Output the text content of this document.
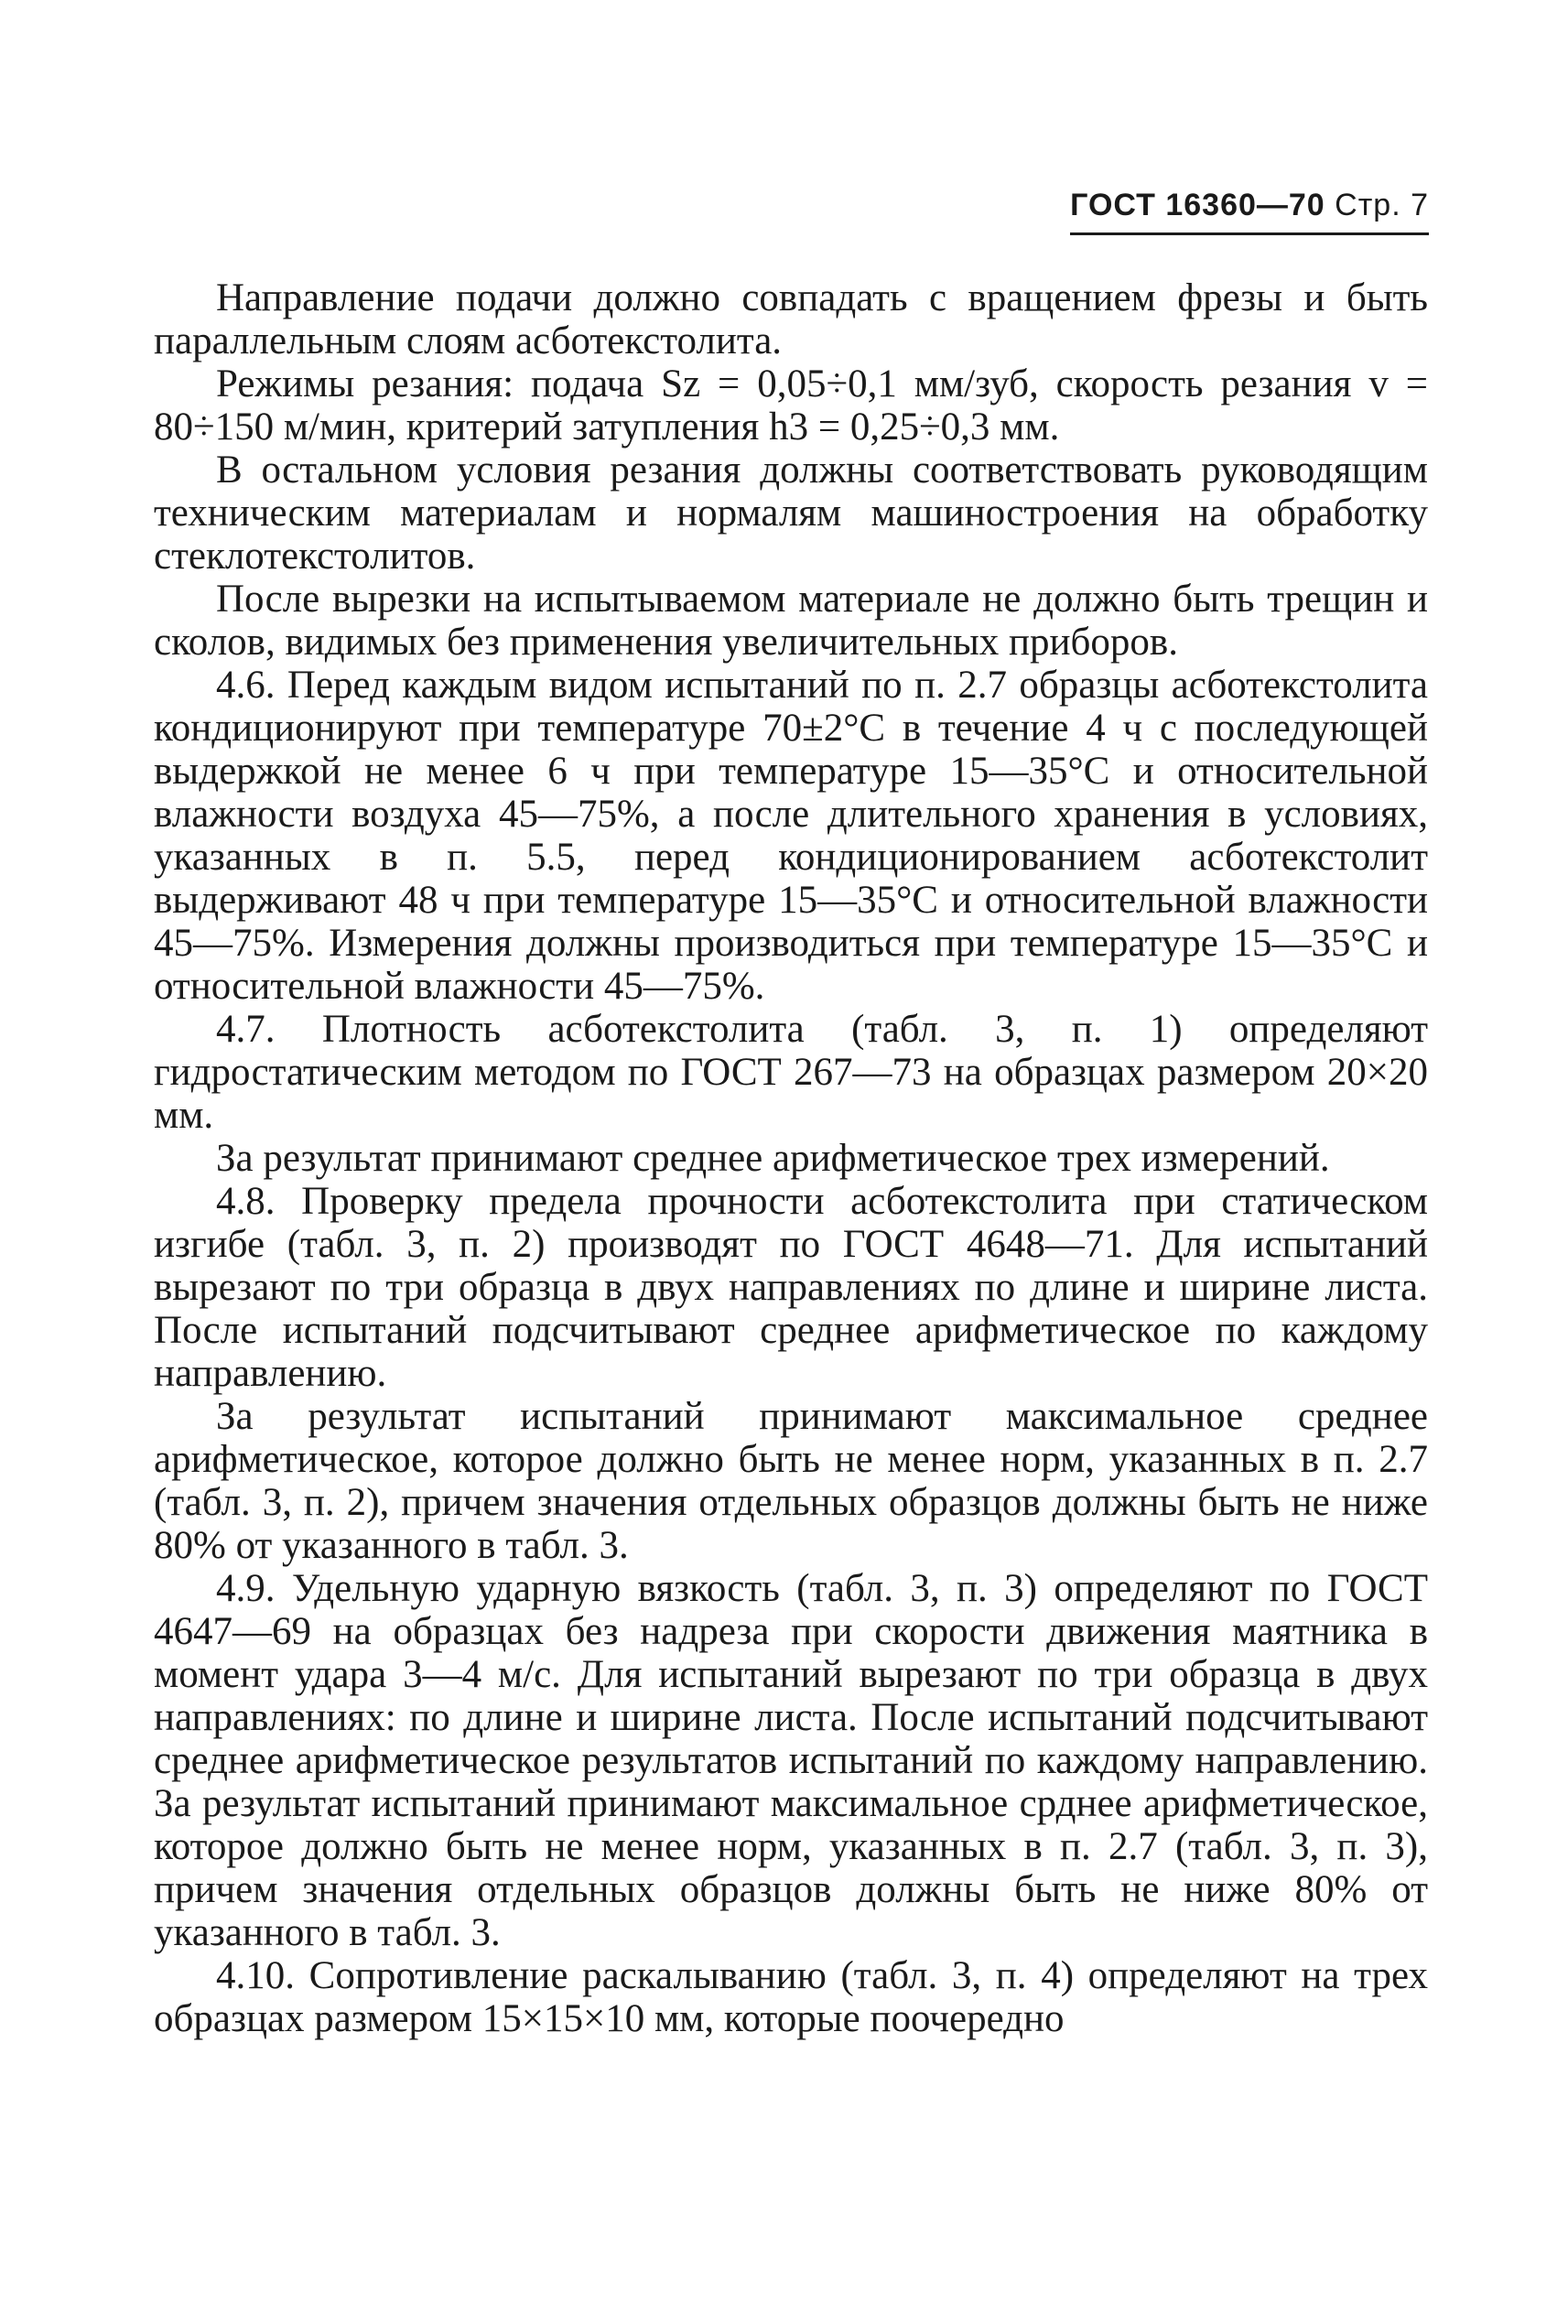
ГОСТ 16360—70 Стр. 7

Направление подачи должно совпадать с вращением фрезы и быть параллельным слоям асботекстолита.

Режимы резания: подача Sz = 0,05÷0,1 мм/зуб, скорость резания v = 80÷150 м/мин, критерий затупления h3 = 0,25÷0,3 мм.

В остальном условия резания должны соответствовать руководящим техническим материалам и нормалям машиностроения на обработку стеклотекстолитов.

После вырезки на испытываемом материале не должно быть трещин и сколов, видимых без применения увеличительных приборов.

4.6. Перед каждым видом испытаний по п. 2.7 образцы асботекстолита кондиционируют при температуре 70±2°C в течение 4 ч с последующей выдержкой не менее 6 ч при температуре 15—35°C и относительной влажности воздуха 45—75%, а после длительного хранения в условиях, указанных в п. 5.5, перед кондиционированием асботекстолит выдерживают 48 ч при температуре 15—35°C и относительной влажности 45—75%. Измерения должны производиться при температуре 15—35°C и относительной влажности 45—75%.

4.7. Плотность асботекстолита (табл. 3, п. 1) определяют гидростатическим методом по ГОСТ 267—73 на образцах размером 20×20 мм.

За результат принимают среднее арифметическое трех измерений.

4.8. Проверку предела прочности асботекстолита при статическом изгибе (табл. 3, п. 2) производят по ГОСТ 4648—71. Для испытаний вырезают по три образца в двух направлениях по длине и ширине листа. После испытаний подсчитывают среднее арифметическое по каждому направлению.

За результат испытаний принимают максимальное среднее арифметическое, которое должно быть не менее норм, указанных в п. 2.7 (табл. 3, п. 2), причем значения отдельных образцов должны быть не ниже 80% от указанного в табл. 3.

4.9. Удельную ударную вязкость (табл. 3, п. 3) определяют по ГОСТ 4647—69 на образцах без надреза при скорости движения маятника в момент удара 3—4 м/с. Для испытаний вырезают по три образца в двух направлениях: по длине и ширине листа. После испытаний подсчитывают среднее арифметическое результатов испытаний по каждому направлению. За результат испытаний принимают максимальное срднее арифметическое, которое должно быть не менее норм, указанных в п. 2.7 (табл. 3, п. 3), причем значения отдельных образцов должны быть не ниже 80% от указанного в табл. 3.

4.10. Сопротивление раскалыванию (табл. 3, п. 4) определяют на трех образцах размером 15×15×10 мм, которые поочередно
